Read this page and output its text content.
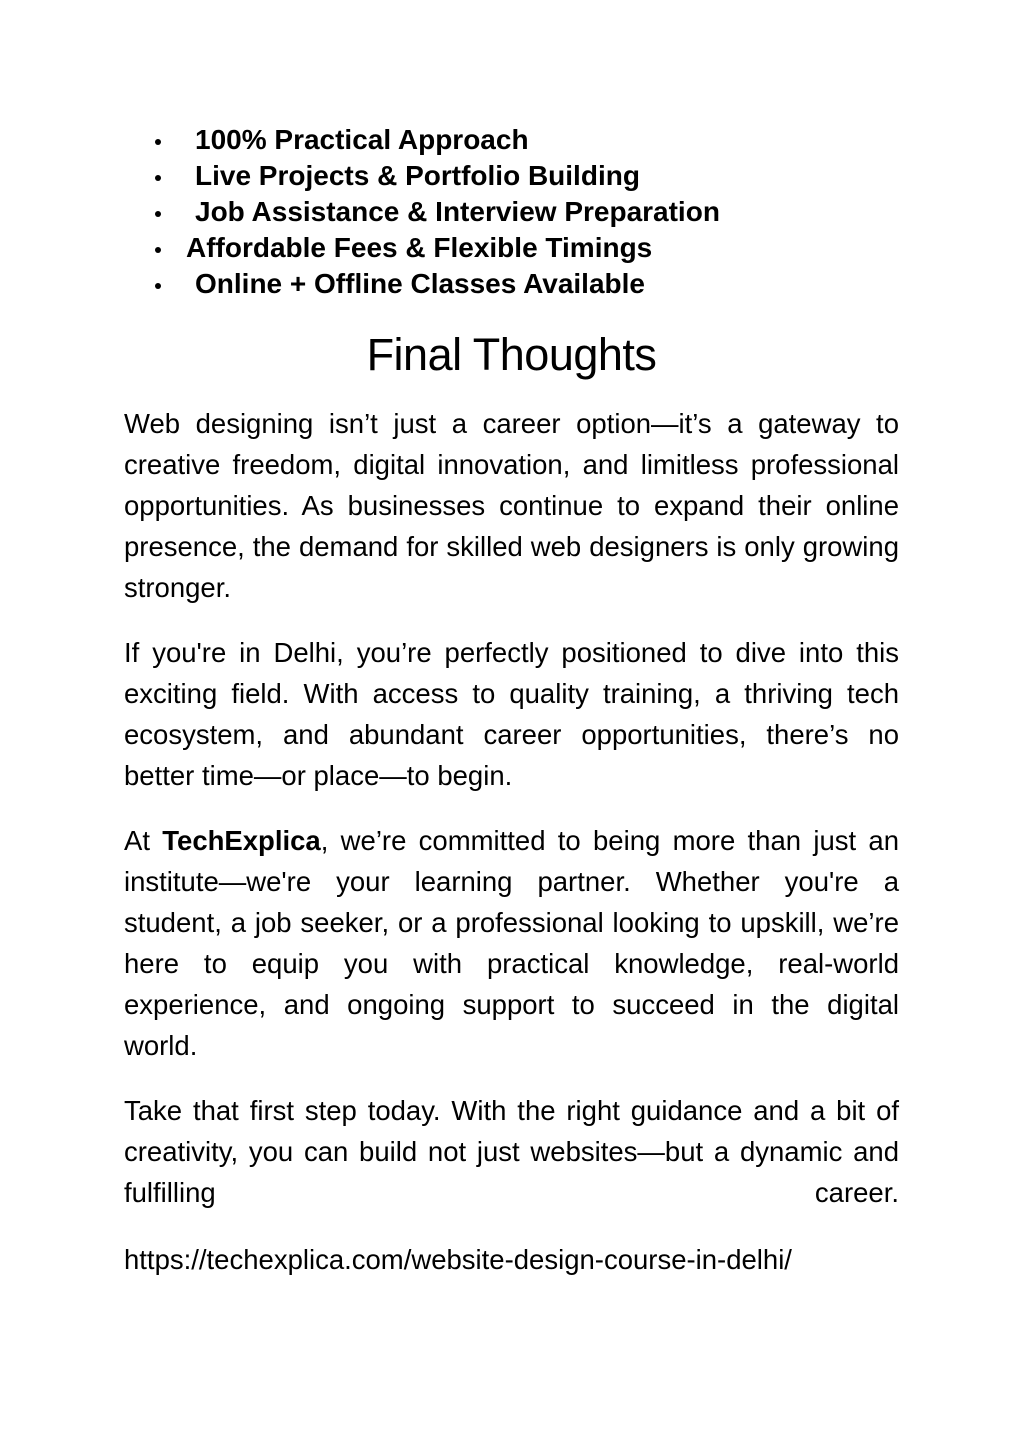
100% Practical Approach
Live Projects & Portfolio Building
Job Assistance & Interview Preparation
Affordable Fees & Flexible Timings
Online + Offline Classes Available
Final Thoughts

Web designing isn’t just a career option—it’s a gateway to creative freedom, digital innovation, and limitless professional opportunities. As businesses continue to expand their online presence, the demand for skilled web designers is only growing stronger.

If you're in Delhi, you’re perfectly positioned to dive into this exciting field. With access to quality training, a thriving tech ecosystem, and abundant career opportunities, there’s no better time—or place—to begin.

At TechExplica, we’re committed to being more than just an institute—we're your learning partner. Whether you're a student, a job seeker, or a professional looking to upskill, we’re here to equip you with practical knowledge, real-world experience, and ongoing support to succeed in the digital world.

Take that first step today. With the right guidance and a bit of creativity, you can build not just websites—but a dynamic and fulfilling career.

https://techexplica.com/website-design-course-in-delhi/
